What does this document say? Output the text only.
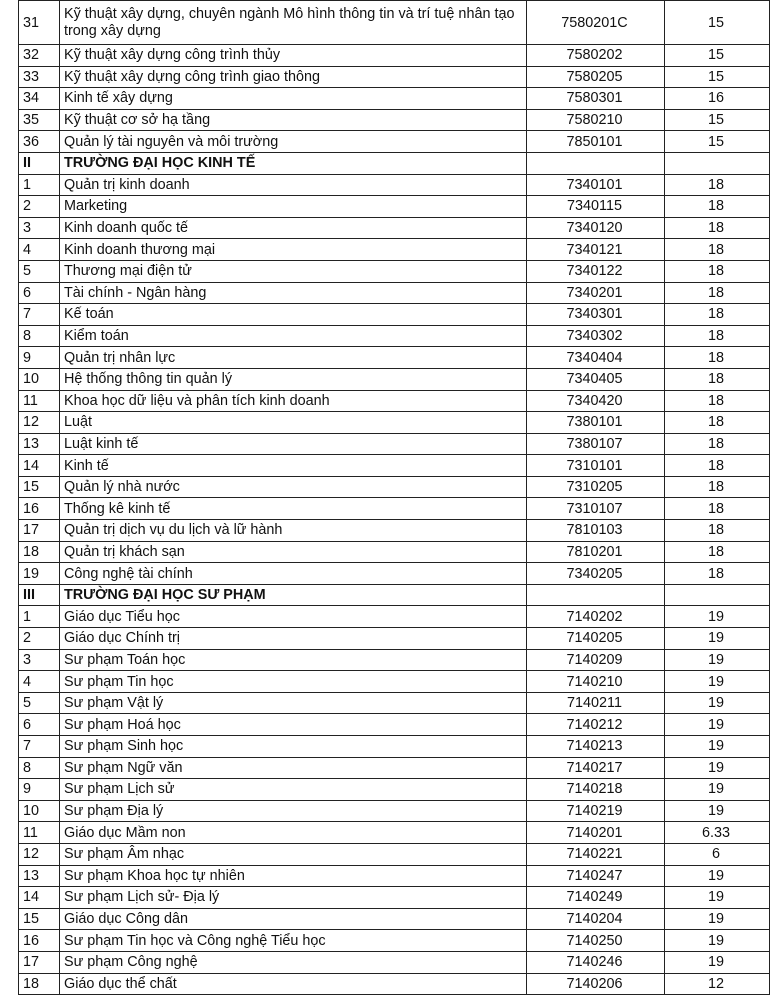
31	Kỹ thuật xây dựng, chuyên ngành Mô hình thông tin và trí tuệ nhân tạo trong xây dựng	7580201C	15
32	Kỹ thuật xây dựng công trình thủy	7580202	15
33	Kỹ thuật xây dựng công trình giao thông	7580205	15
34	Kinh tế xây dựng	7580301	16
35	Kỹ thuật cơ sở hạ tầng	7580210	15
36	Quản lý tài nguyên và môi trường	7850101	15
II	TRƯỜNG ĐẠI HỌC KINH TẾ		
1	Quản trị kinh doanh	7340101	18
2	Marketing	7340115	18
3	Kinh doanh quốc tế	7340120	18
4	Kinh doanh thương mại	7340121	18
5	Thương mại điện tử	7340122	18
6	Tài chính - Ngân hàng	7340201	18
7	Kế toán	7340301	18
8	Kiểm toán	7340302	18
9	Quản trị nhân lực	7340404	18
10	Hệ thống thông tin quản lý	7340405	18
11	Khoa học dữ liệu và phân tích kinh doanh	7340420	18
12	Luật	7380101	18
13	Luật kinh tế	7380107	18
14	Kinh tế	7310101	18
15	Quản lý nhà nước	7310205	18
16	Thống kê kinh tế	7310107	18
17	Quản trị dịch vụ du lịch và lữ hành	7810103	18
18	Quản trị khách sạn	7810201	18
19	Công nghệ tài chính	7340205	18
III	TRƯỜNG ĐẠI HỌC SƯ PHẠM		
1	Giáo dục Tiểu học	7140202	19
2	Giáo dục Chính trị	7140205	19
3	Sư phạm Toán học	7140209	19
4	Sư phạm Tin học	7140210	19
5	Sư phạm Vật lý	7140211	19
6	Sư phạm Hoá học	7140212	19
7	Sư phạm Sinh học	7140213	19
8	Sư phạm Ngữ văn	7140217	19
9	Sư phạm Lịch sử	7140218	19
10	Sư phạm Địa lý	7140219	19
11	Giáo dục Mầm non	7140201	6.33
12	Sư phạm Âm nhạc	7140221	6
13	Sư phạm Khoa học tự nhiên	7140247	19
14	Sư phạm Lịch sử- Địa lý	7140249	19
15	Giáo dục Công dân	7140204	19
16	Sư phạm Tin học và Công nghệ Tiểu học	7140250	19
17	Sư phạm Công nghệ	7140246	19
18	Giáo dục thể chất	7140206	12
